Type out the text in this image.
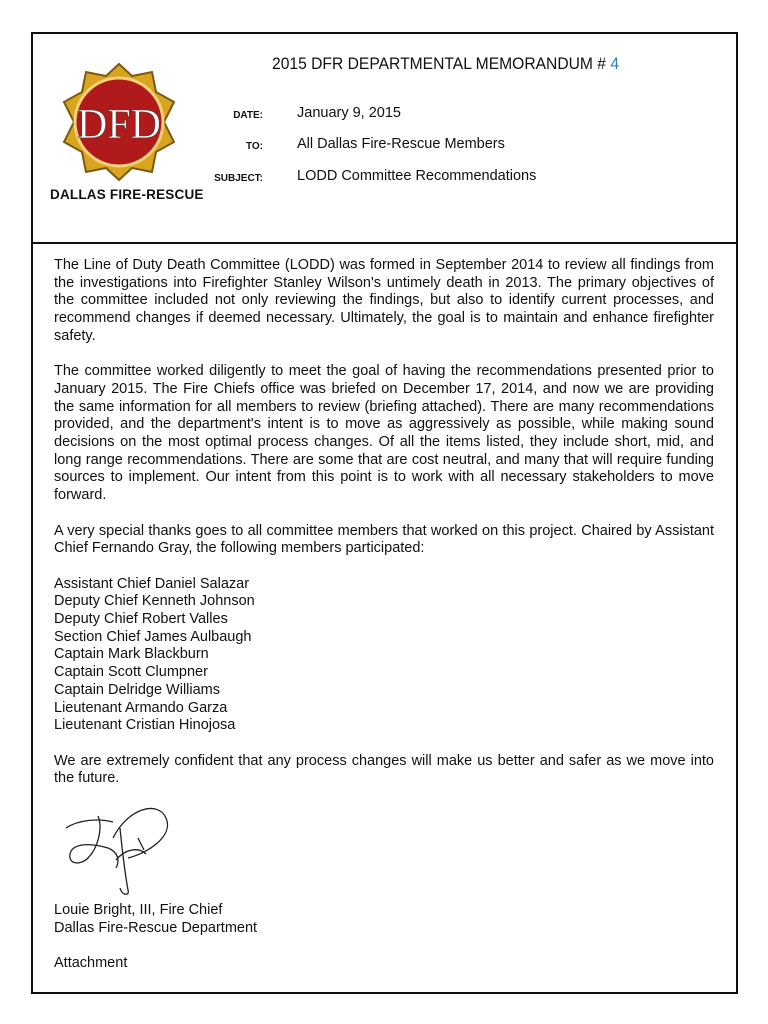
DFD
DALLAS FIRE-RESCUE
2015 DFR DEPARTMENTAL MEMORANDUM # 4
DATE: January 9, 2015
TO: All Dallas Fire-Rescue Members
SUBJECT: LODD Committee Recommendations

The Line of Duty Death Committee (LODD) was formed in September 2014 to review all findings from the investigations into Firefighter Stanley Wilson's untimely death in 2013. The primary objectives of the committee included not only reviewing the findings, but also to identify current processes, and recommend changes if deemed necessary. Ultimately, the goal is to maintain and enhance firefighter safety.

The committee worked diligently to meet the goal of having the recommendations presented prior to January 2015. The Fire Chiefs office was briefed on December 17, 2014, and now we are providing the same information for all members to review (briefing attached). There are many recommendations provided, and the department's intent is to move as aggressively as possible, while making sound decisions on the most optimal process changes. Of all the items listed, they include short, mid, and long range recommendations. There are some that are cost neutral, and many that will require funding sources to implement. Our intent from this point is to work with all necessary stakeholders to move forward.

A very special thanks goes to all committee members that worked on this project. Chaired by Assistant Chief Fernando Gray, the following members participated:

Assistant Chief Daniel Salazar
Deputy Chief Kenneth Johnson
Deputy Chief Robert Valles
Section Chief James Aulbaugh
Captain Mark Blackburn
Captain Scott Clumpner
Captain Delridge Williams
Lieutenant Armando Garza
Lieutenant Cristian Hinojosa

We are extremely confident that any process changes will make us better and safer as we move into the future.

Louie Bright, III, Fire Chief
Dallas Fire-Rescue Department
Attachment
